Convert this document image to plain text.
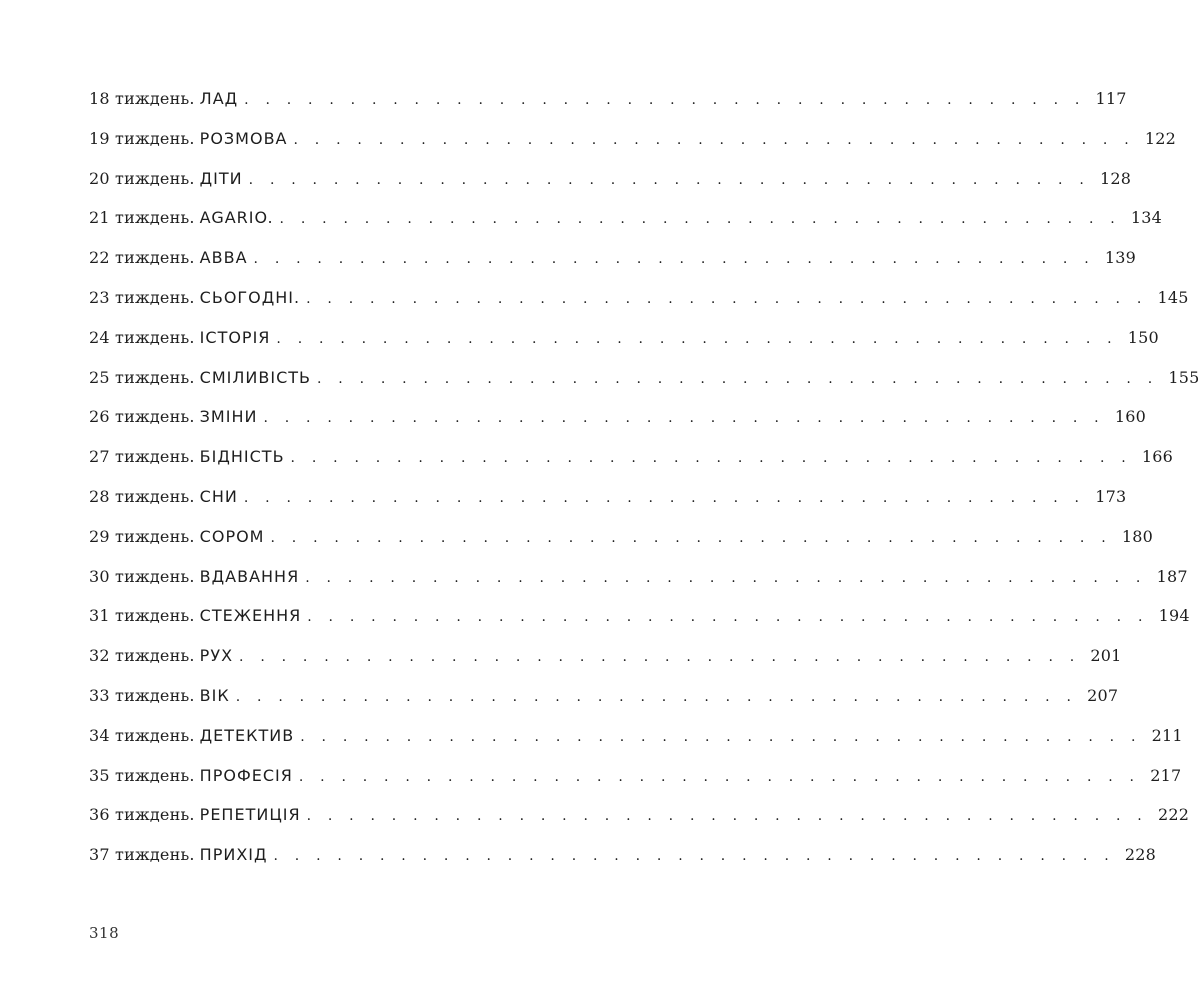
18 тиждень. ЛАД . . . . . . . . . . . . . . . . . . . . . . . . . . . . . . . . . . . . . . . . 117
19 тиждень. РОЗМОВА . . . . . . . . . . . . . . . . . . . . . . . . . . . . . . . . . . . . . . . . 122
20 тиждень. ДІТИ . . . . . . . . . . . . . . . . . . . . . . . . . . . . . . . . . . . . . . . . 128
21 тиждень. AGARIO. . . . . . . . . . . . . . . . . . . . . . . . . . . . . . . . . . . . . . . . . 134
22 тиждень. ABBA . . . . . . . . . . . . . . . . . . . . . . . . . . . . . . . . . . . . . . . . 139
23 тиждень. СЬОГОДНІ. . . . . . . . . . . . . . . . . . . . . . . . . . . . . . . . . . . . . . . . . 145
24 тиждень. ІСТОРІЯ . . . . . . . . . . . . . . . . . . . . . . . . . . . . . . . . . . . . . . . . 150
25 тиждень. СМІЛИВІСТЬ . . . . . . . . . . . . . . . . . . . . . . . . . . . . . . . . . . . . . . . . 155
26 тиждень. ЗМІНИ . . . . . . . . . . . . . . . . . . . . . . . . . . . . . . . . . . . . . . . . 160
27 тиждень. БІДНІСТЬ . . . . . . . . . . . . . . . . . . . . . . . . . . . . . . . . . . . . . . . . 166
28 тиждень. СНИ . . . . . . . . . . . . . . . . . . . . . . . . . . . . . . . . . . . . . . . . 173
29 тиждень. СОРОМ . . . . . . . . . . . . . . . . . . . . . . . . . . . . . . . . . . . . . . . . 180
30 тиждень. ВДАВАННЯ . . . . . . . . . . . . . . . . . . . . . . . . . . . . . . . . . . . . . . . . 187
31 тиждень. СТЕЖЕННЯ . . . . . . . . . . . . . . . . . . . . . . . . . . . . . . . . . . . . . . . . 194
32 тиждень. РУХ . . . . . . . . . . . . . . . . . . . . . . . . . . . . . . . . . . . . . . . . 201
33 тиждень. ВІК . . . . . . . . . . . . . . . . . . . . . . . . . . . . . . . . . . . . . . . . 207
34 тиждень. ДЕТЕКТИВ . . . . . . . . . . . . . . . . . . . . . . . . . . . . . . . . . . . . . . . . 211
35 тиждень. ПРОФЕСІЯ . . . . . . . . . . . . . . . . . . . . . . . . . . . . . . . . . . . . . . . . 217
36 тиждень. РЕПЕТИЦІЯ . . . . . . . . . . . . . . . . . . . . . . . . . . . . . . . . . . . . . . . . 222
37 тиждень. ПРИХІД . . . . . . . . . . . . . . . . . . . . . . . . . . . . . . . . . . . . . . . . 228
318
